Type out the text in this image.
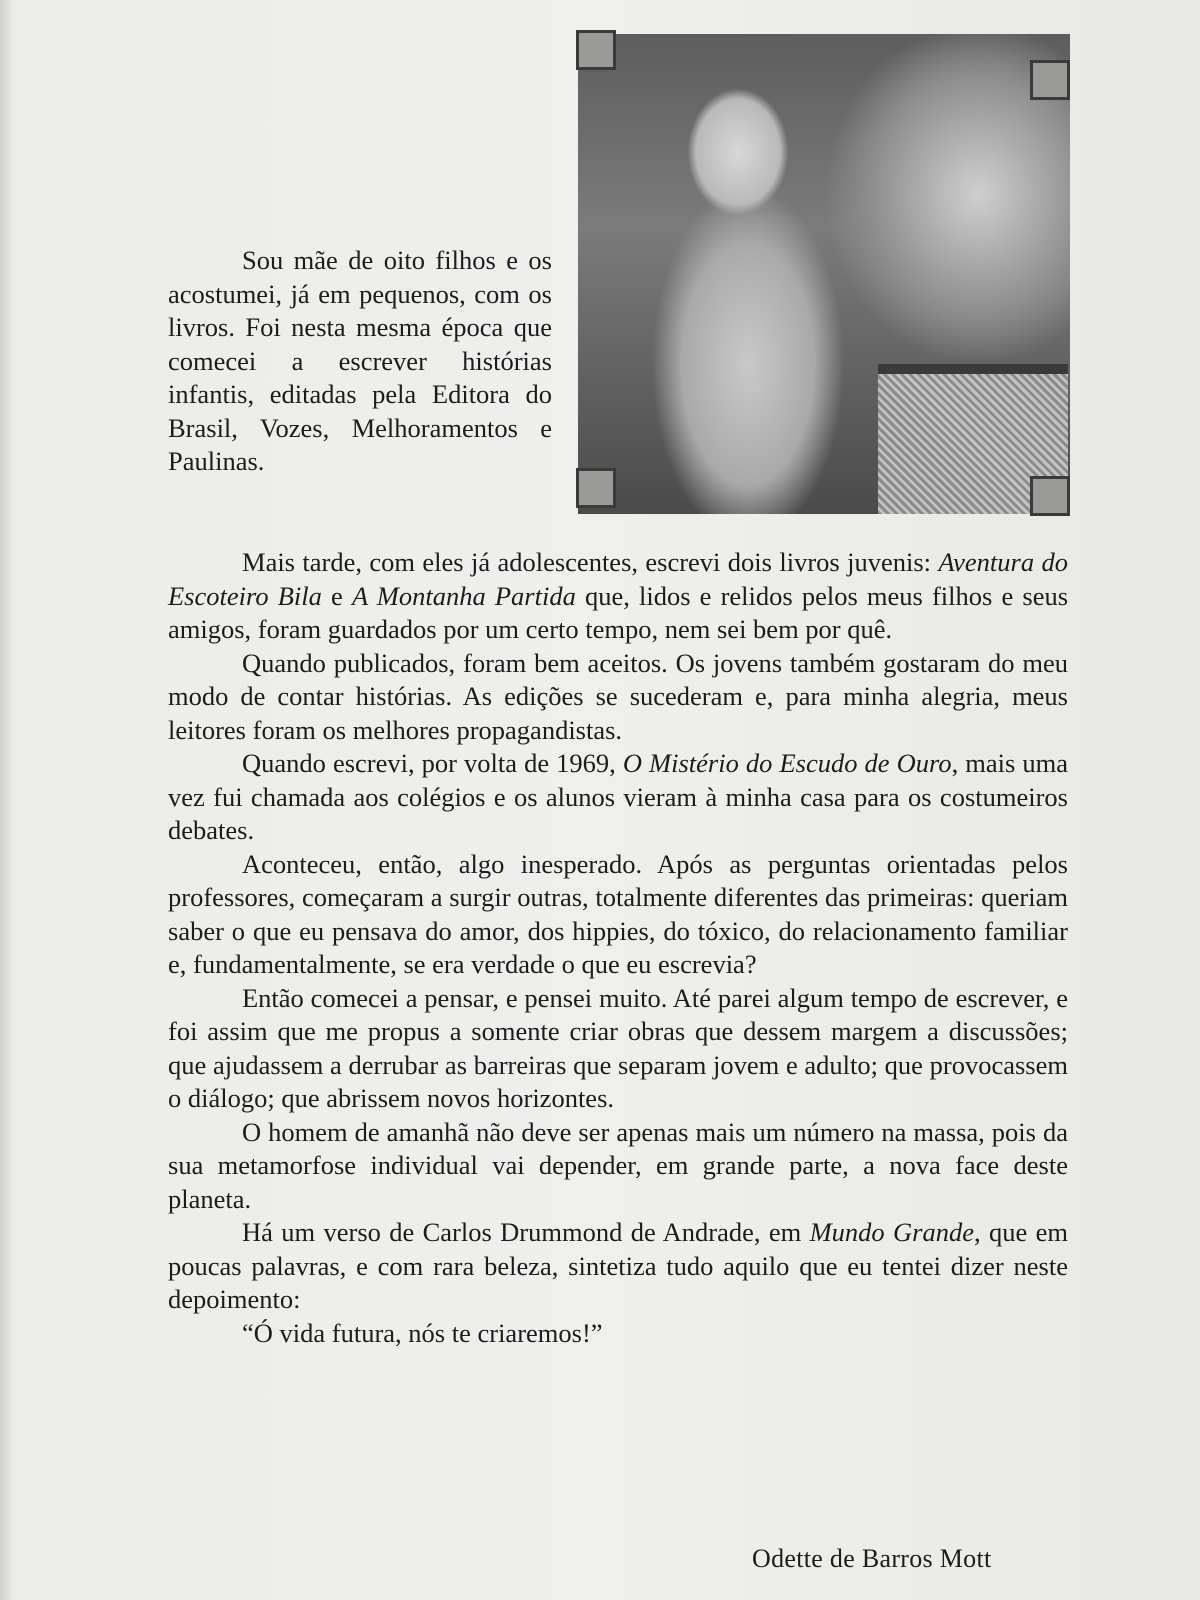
Sou mãe de oito filhos e os acostumei, já em pequenos, com os livros. Foi nesta mesma época que comecei a escrever histórias infantis, editadas pela Editora do Brasil, Vozes, Melhoramentos e Paulinas.

Mais tarde, com eles já adolescentes, escrevi dois livros juvenis: Aventura do Escoteiro Bila e A Montanha Partida que, lidos e relidos pelos meus filhos e seus amigos, foram guardados por um certo tempo, nem sei bem por quê.

Quando publicados, foram bem aceitos. Os jovens também gostaram do meu modo de contar histórias. As edições se sucederam e, para minha alegria, meus leitores foram os melhores propagandistas.

Quando escrevi, por volta de 1969, O Mistério do Escudo de Ouro, mais uma vez fui chamada aos colégios e os alunos vieram à minha casa para os costumeiros debates.

Aconteceu, então, algo inesperado. Após as perguntas orientadas pelos professores, começaram a surgir outras, totalmente diferentes das primeiras: queriam saber o que eu pensava do amor, dos hippies, do tóxico, do relacionamento familiar e, fundamentalmente, se era verdade o que eu escrevia?

Então comecei a pensar, e pensei muito. Até parei algum tempo de escrever, e foi assim que me propus a somente criar obras que dessem margem a discussões; que ajudassem a derrubar as barreiras que separam jovem e adulto; que provocassem o diálogo; que abrissem novos horizontes.

O homem de amanhã não deve ser apenas mais um número na massa, pois da sua metamorfose individual vai depender, em grande parte, a nova face deste planeta.

Há um verso de Carlos Drummond de Andrade, em Mundo Grande, que em poucas palavras, e com rara beleza, sintetiza tudo aquilo que eu tentei dizer neste depoimento:

“Ó vida futura, nós te criaremos!”

Odette de Barros Mott
